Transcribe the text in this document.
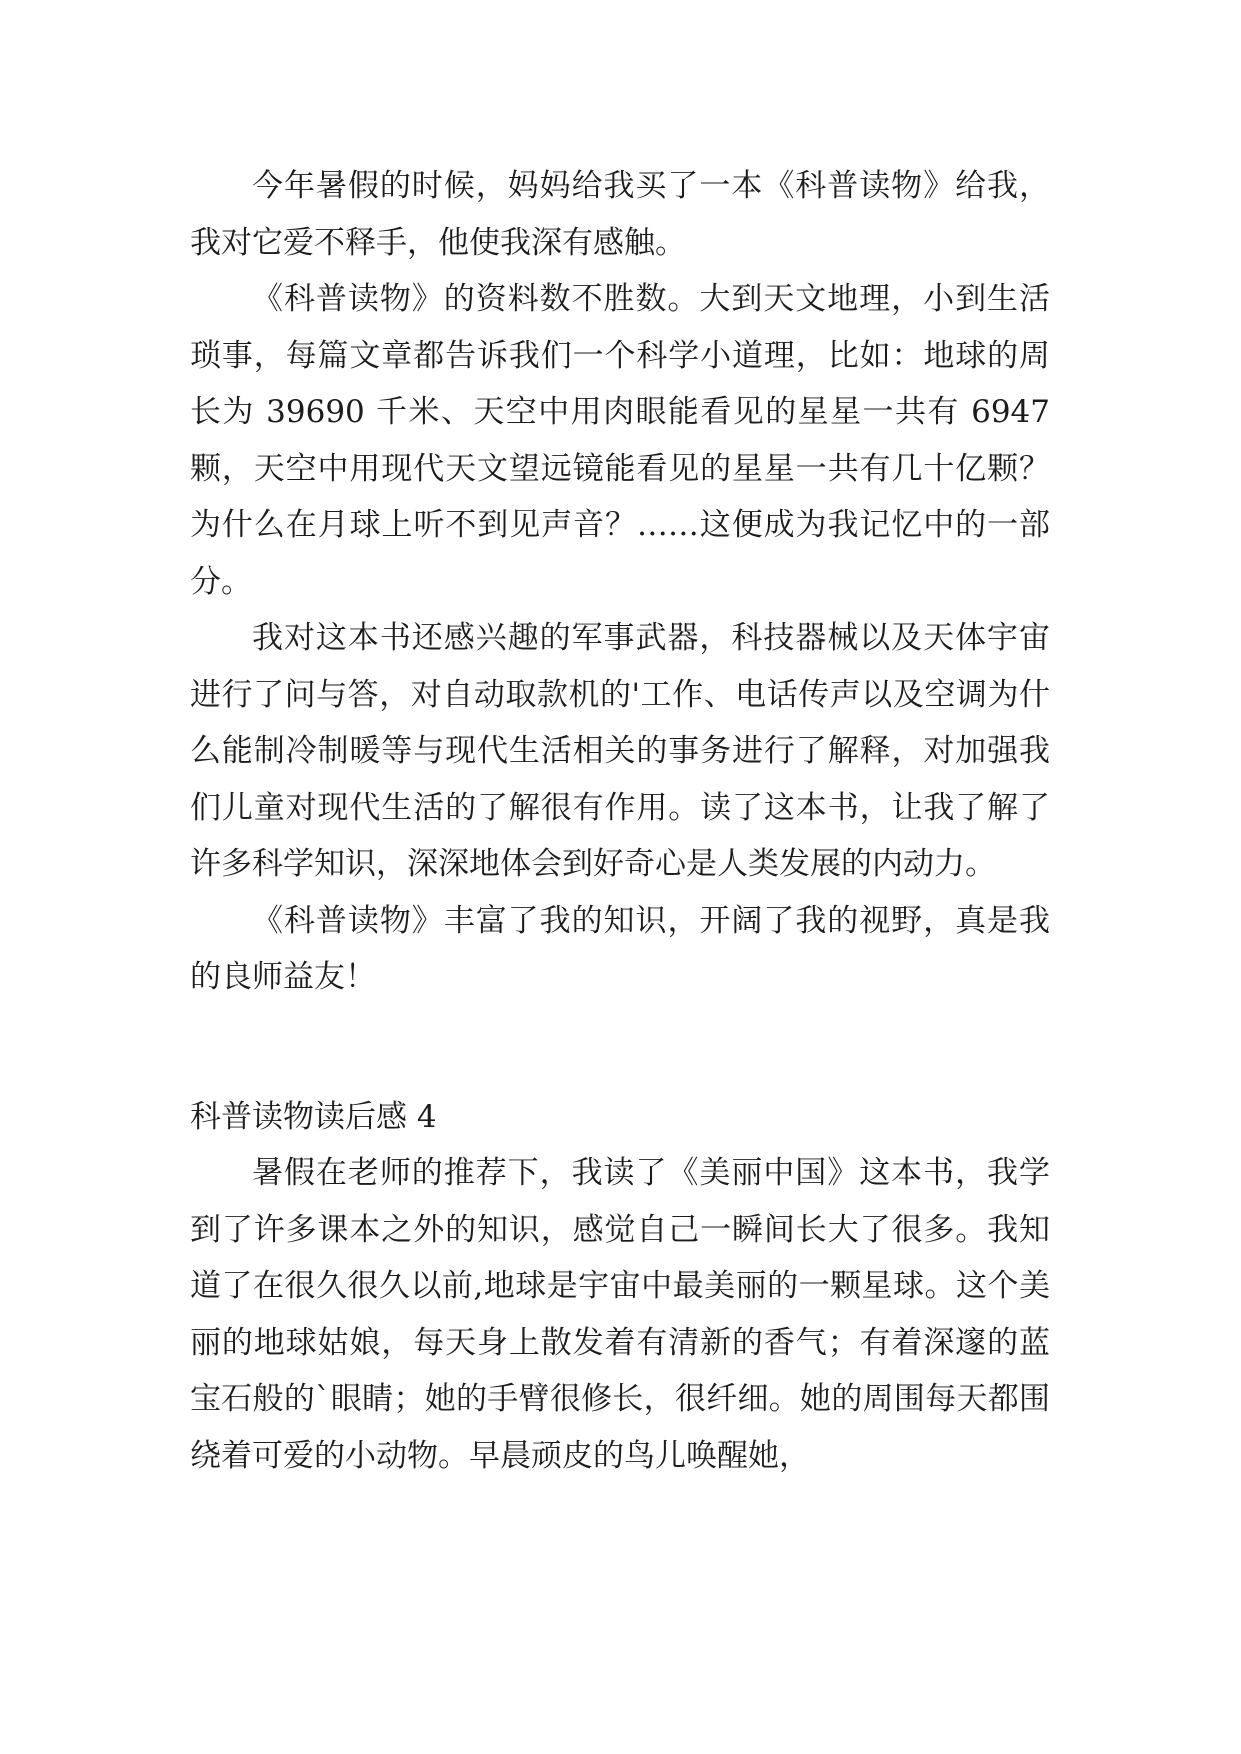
今年暑假的时候，妈妈给我买了一本《科普读物》给我，我对它爱不释手，他使我深有感触。

《科普读物》的资料数不胜数。大到天文地理，小到生活琐事，每篇文章都告诉我们一个科学小道理，比如：地球的周长为 39690 千米、天空中用肉眼能看见的星星一共有 6947 颗，天空中用现代天文望远镜能看见的星星一共有几十亿颗？为什么在月球上听不到见声音？……这便成为我记忆中的一部分。

我对这本书还感兴趣的军事武器，科技器械以及天体宇宙进行了问与答，对自动取款机的'工作、电话传声以及空调为什么能制冷制暖等与现代生活相关的事务进行了解释，对加强我们儿童对现代生活的了解很有作用。读了这本书，让我了解了许多科学知识，深深地体会到好奇心是人类发展的内动力。

《科普读物》丰富了我的知识，开阔了我的视野，真是我的良师益友！

科普读物读后感 4

暑假在老师的推荐下，我读了《美丽中国》这本书，我学到了许多课本之外的知识，感觉自己一瞬间长大了很多。我知道了在很久很久以前,地球是宇宙中最美丽的一颗星球。这个美丽的地球姑娘，每天身上散发着有清新的香气；有着深邃的蓝宝石般的`眼睛；她的手臂很修长，很纤细。她的周围每天都围绕着可爱的小动物。早晨顽皮的鸟儿唤醒她，
